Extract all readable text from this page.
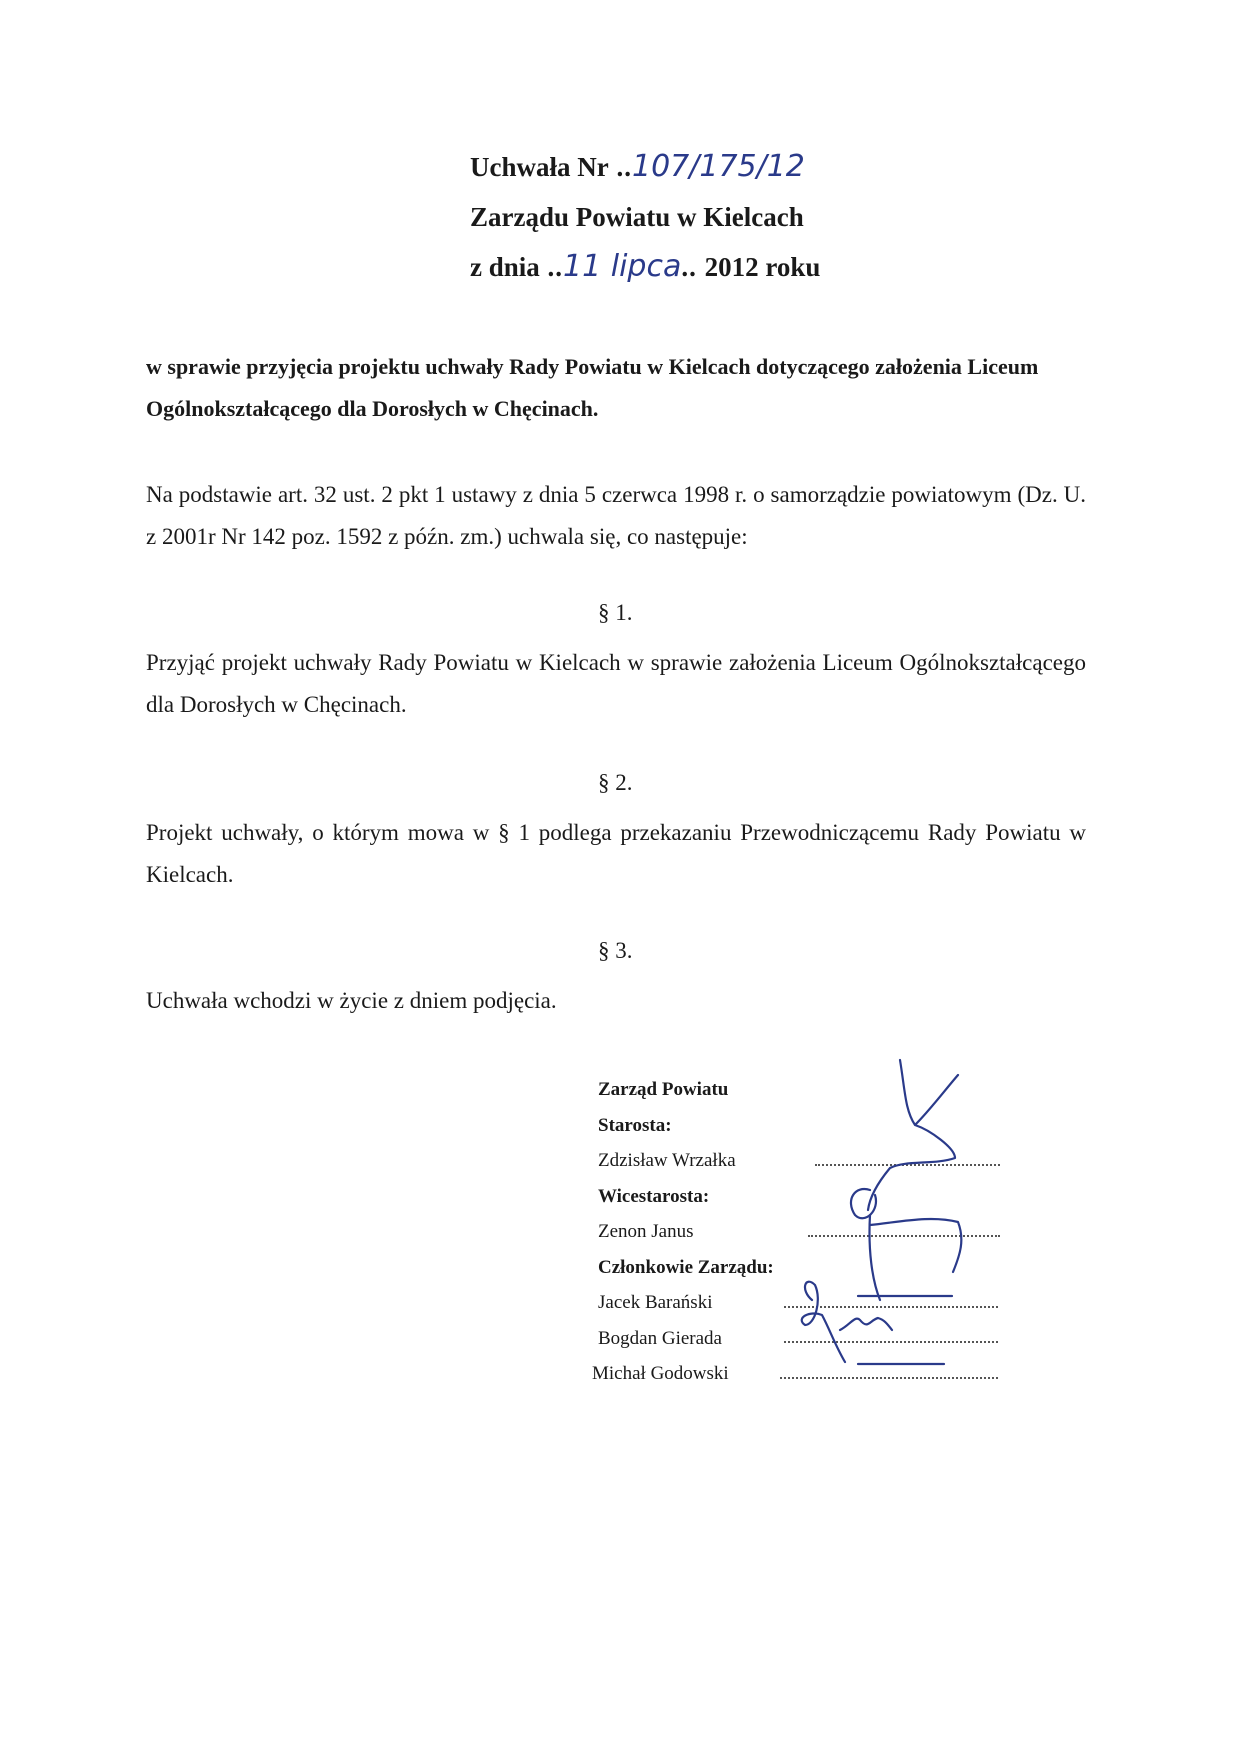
Uchwała Nr .. 107/175/12
Zarządu Powiatu w Kielcach
z dnia .. 11 lipca .. 2012 roku
w sprawie przyjęcia projektu uchwały Rady Powiatu w Kielcach dotyczącego założenia Liceum Ogólnokształcącego dla Dorosłych w Chęcinach.
Na podstawie art. 32 ust. 2 pkt 1 ustawy z dnia 5 czerwca 1998 r. o samorządzie powiatowym (Dz. U. z 2001r Nr 142 poz. 1592 z późn. zm.) uchwala się, co następuje:
§ 1.
Przyjąć projekt uchwały Rady Powiatu w Kielcach w sprawie założenia Liceum Ogólnokształcącego dla Dorosłych w Chęcinach.
§ 2.
Projekt uchwały, o którym mowa w § 1 podlega przekazaniu Przewodniczącemu Rady Powiatu w Kielcach.
§ 3.
Uchwała wchodzi w życie z dniem podjęcia.
Zarząd Powiatu
Starosta:
Zdzisław Wrzałka
Wicestarosta:
Zenon Janus
Członkowie Zarządu:
Jacek Barański
Bogdan Gierada
Michał Godowski
